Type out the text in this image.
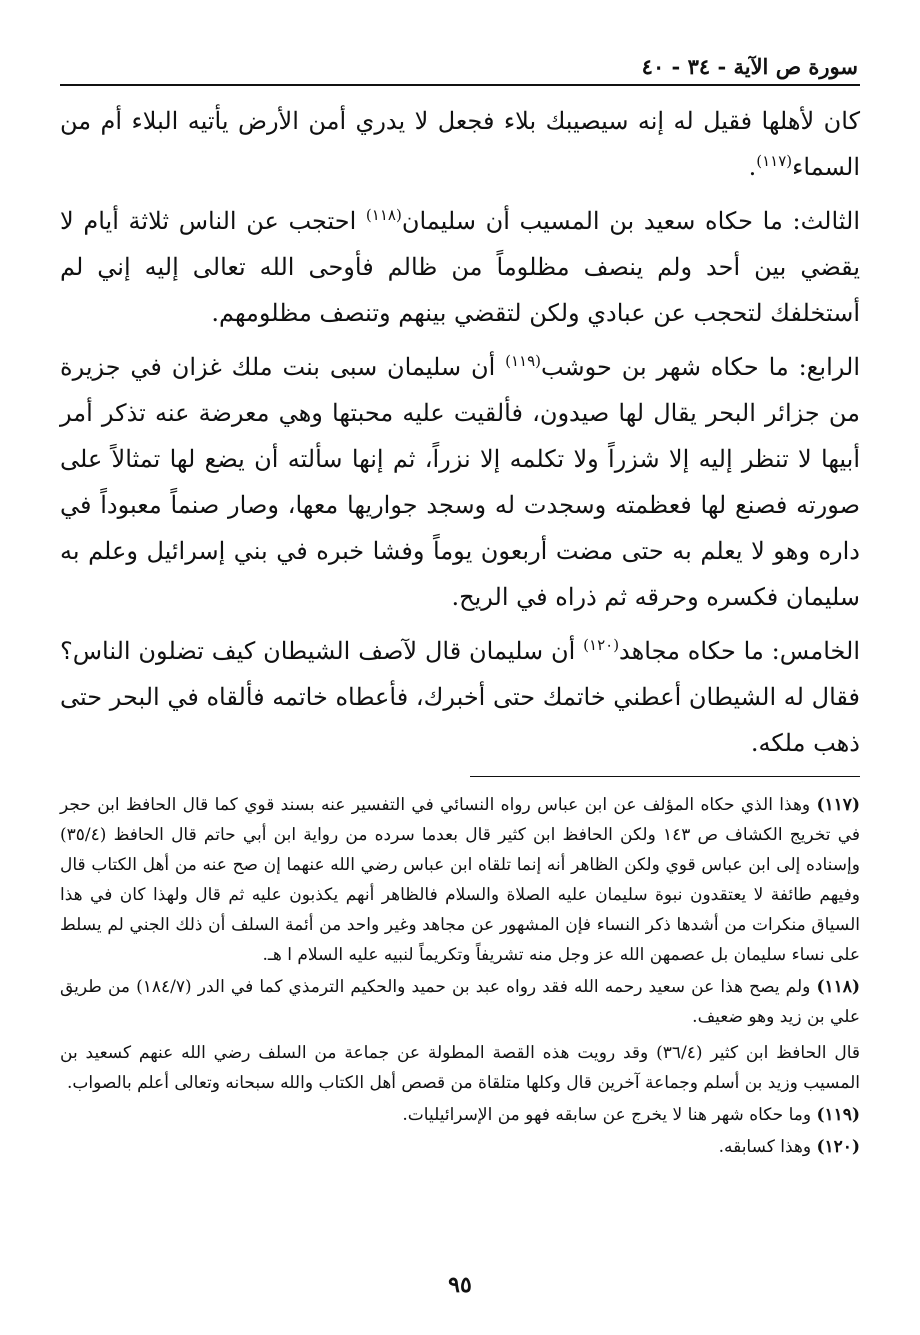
سورة ص الآية - ٣٤ - ٤٠

كان لأهلها فقيل له إنه سيصيبك بلاء فجعل لا يدري أمن الأرض يأتيه البلاء أم من السماء$^{(١١٧)}$.

الثالث: ما حكاه سعيد بن المسيب أن سليمان$^{(١١٨)}$ احتجب عن الناس ثلاثة أيام لا يقضي بين أحد ولم ينصف مظلوماً من ظالم فأوحى الله تعالى إليه إني لم أستخلفك لتحجب عن عبادي ولكن لتقضي بينهم وتنصف مظلومهم.

الرابع: ما حكاه شهر بن حوشب$^{(١١٩)}$ أن سليمان سبى بنت ملك غزان في جزيرة من جزائر البحر يقال لها صيدون، فألقيت عليه محبتها وهي معرضة عنه تذكر أمر أبيها لا تنظر إليه إلا شزراً ولا تكلمه إلا نزراً، ثم إنها سألته أن يضع لها تمثالاً على صورته فصنع لها فعظمته وسجدت له وسجد جواريها معها، وصار صنماً معبوداً في داره وهو لا يعلم به حتى مضت أربعون يوماً وفشا خبره في بني إسرائيل وعلم به سليمان فكسره وحرقه ثم ذراه في الريح.

الخامس: ما حكاه مجاهد$^{(١٢٠)}$ أن سليمان قال لآصف الشيطان كيف تضلون الناس؟ فقال له الشيطان أعطني خاتمك حتى أخبرك، فأعطاه خاتمه فألقاه في البحر حتى ذهب ملكه.

(١١٧) وهذا الذي حكاه المؤلف عن ابن عباس رواه النسائي في التفسير عنه بسند قوي كما قال الحافظ ابن حجر في تخريج الكشاف ص ١٤٣ ولكن الحافظ ابن كثير قال بعدما سرده من رواية ابن أبي حاتم قال الحافظ (٣٥/٤) وإسناده إلى ابن عباس قوي ولكن الظاهر أنه إنما تلقاه ابن عباس رضي الله عنهما إن صح عنه من أهل الكتاب قال وفيهم طائفة لا يعتقدون نبوة سليمان عليه الصلاة والسلام فالظاهر أنهم يكذبون عليه ثم قال ولهذا كان في هذا السياق منكرات من أشدها ذكر النساء فإن المشهور عن مجاهد وغير واحد من أئمة السلف أن ذلك الجني لم يسلط على نساء سليمان بل عصمهن الله عز وجل منه تشريفاً وتكريماً لنبيه عليه السلام ا هـ.

(١١٨) ولم يصح هذا عن سعيد رحمه الله فقد رواه عبد بن حميد والحكيم الترمذي كما في الدر (١٨٤/٧) من طريق علي بن زيد وهو ضعيف.

قال الحافظ ابن كثير (٣٦/٤) وقد رويت هذه القصة المطولة عن جماعة من السلف رضي الله عنهم كسعيد بن المسيب وزيد بن أسلم وجماعة آخرين قال وكلها متلقاة من قصص أهل الكتاب والله سبحانه وتعالى أعلم بالصواب.

(١١٩) وما حكاه شهر هنا لا يخرج عن سابقه فهو من الإسرائيليات.

(١٢٠) وهذا كسابقه.

٩٥
